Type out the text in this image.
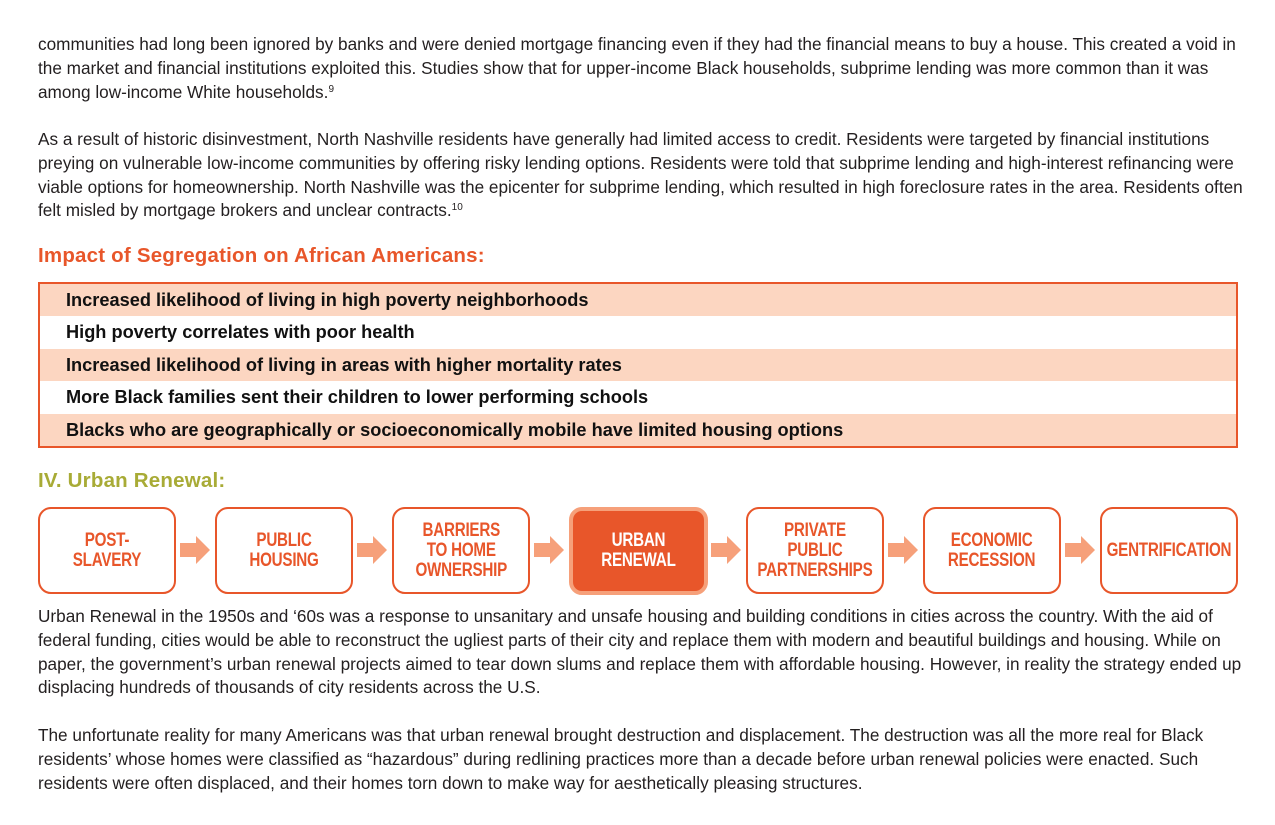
communities had long been ignored by banks and were denied mortgage financing even if they had the financial means to buy a house. This created a void in the market and financial institutions exploited this. Studies show that for upper-income Black households, subprime lending was more common than it was among low-income White households.$^9$

As a result of historic disinvestment, North Nashville residents have generally had limited access to credit. Residents were targeted by financial institutions preying on vulnerable low-income communities by offering risky lending options. Residents were told that subprime lending and high-interest refinancing were viable options for homeownership. North Nashville was the epicenter for subprime lending, which resulted in high foreclosure rates in the area. Residents often felt misled by mortgage brokers and unclear contracts.$^{10}$

Impact of Segregation on African Americans:
Increased likelihood of living in high poverty neighborhoods
High poverty correlates with poor health
Increased likelihood of living in areas with higher mortality rates
More Black families sent their children to lower performing schools
Blacks who are geographically or socioeconomically mobile have limited housing options
IV. Urban Renewal:
POST-SLAVERY
PUBLIC HOUSING
BARRIERS
TO HOME
OWNERSHIP
URBAN
RENEWAL
PRIVATE PUBLIC
PARTNERSHIPS
ECONOMIC
RECESSION	GENTRIFICATION

Urban Renewal in the 1950s and ‘60s was a response to unsanitary and unsafe housing and building conditions in cities across the country. With the aid of federal funding, cities would be able to reconstruct the ugliest parts of their city and replace them with modern and beautiful buildings and housing. While on paper, the government’s urban renewal projects aimed to tear down slums and replace them with affordable housing. However, in reality the strategy ended up displacing hundreds of thousands of city residents across the U.S.

The unfortunate reality for many Americans was that urban renewal brought destruction and displacement. The destruction was all the more real for Black residents’ whose homes were classified as “hazardous” during redlining practices more than a decade before urban renewal policies were enacted. Such residents were often displaced, and their homes torn down to make way for aesthetically pleasing structures.
